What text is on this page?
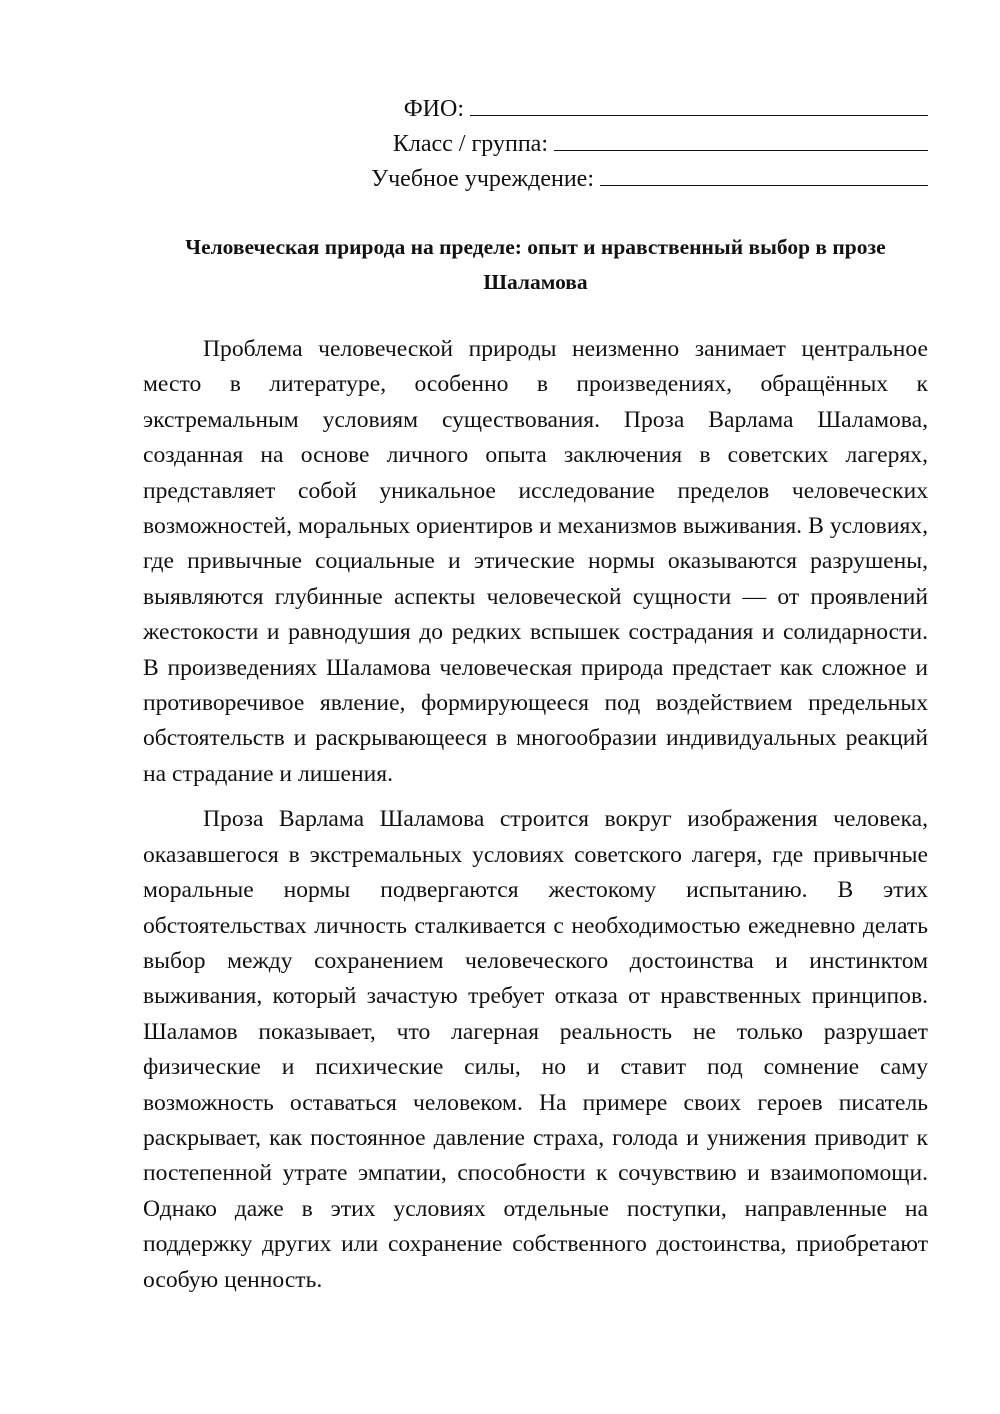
ФИО:
Класс / группа:
Учебное учреждение:
Человеческая природа на пределе: опыт и нравственный выбор в прозе Шаламова

Проблема человеческой природы неизменно занимает центральное место в литературе, особенно в произведениях, обращённых к экстремальным условиям существования. Проза Варлама Шаламова, созданная на основе личного опыта заключения в советских лагерях, представляет собой уникальное исследование пределов человеческих возможностей, моральных ориентиров и механизмов выживания. В условиях, где привычные социальные и этические нормы оказываются разрушены, выявляются глубинные аспекты человеческой сущности — от проявлений жестокости и равнодушия до редких вспышек сострадания и солидарности. В произведениях Шаламова человеческая природа предстает как сложное и противоречивое явление, формирующееся под воздействием предельных обстоятельств и раскрывающееся в многообразии индивидуальных реакций на страдание и лишения.

Проза Варлама Шаламова строится вокруг изображения человека, оказавшегося в экстремальных условиях советского лагеря, где привычные моральные нормы подвергаются жестокому испытанию. В этих обстоятельствах личность сталкивается с необходимостью ежедневно делать выбор между сохранением человеческого достоинства и инстинктом выживания, который зачастую требует отказа от нравственных принципов. Шаламов показывает, что лагерная реальность не только разрушает физические и психические силы, но и ставит под сомнение саму возможность оставаться человеком. На примере своих героев писатель раскрывает, как постоянное давление страха, голода и унижения приводит к постепенной утрате эмпатии, способности к сочувствию и взаимопомощи. Однако даже в этих условиях отдельные поступки, направленные на поддержку других или сохранение собственного достоинства, приобретают особую ценность.
